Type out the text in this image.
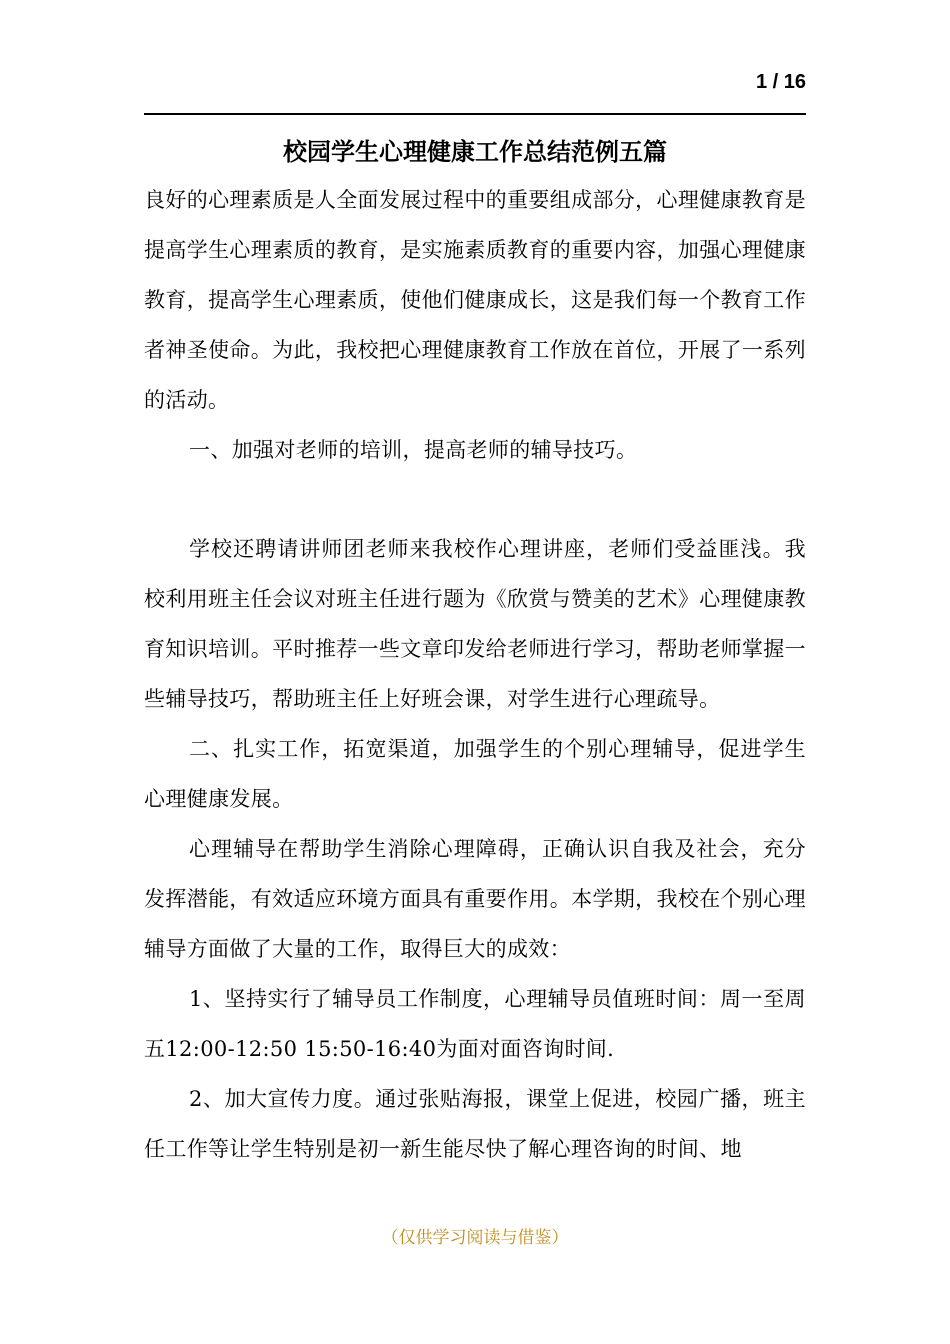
1 / 16
校园学生心理健康工作总结范例五篇

良好的心理素质是人全面发展过程中的重要组成部分，心理健康教育是提高学生心理素质的教育，是实施素质教育的重要内容，加强心理健康教育，提高学生心理素质，使他们健康成长，这是我们每一个教育工作者神圣使命。为此，我校把心理健康教育工作放在首位，开展了一系列的活动。

一、加强对老师的培训，提高老师的辅导技巧。

学校还聘请讲师团老师来我校作心理讲座，老师们受益匪浅。我校利用班主任会议对班主任进行题为《欣赏与赞美的艺术》心理健康教育知识培训。平时推荐一些文章印发给老师进行学习，帮助老师掌握一些辅导技巧，帮助班主任上好班会课，对学生进行心理疏导。

二、扎实工作，拓宽渠道，加强学生的个别心理辅导，促进学生心理健康发展。

心理辅导在帮助学生消除心理障碍，正确认识自我及社会，充分发挥潜能，有效适应环境方面具有重要作用。本学期，我校在个别心理辅导方面做了大量的工作，取得巨大的成效：

1、坚持实行了辅导员工作制度，心理辅导员值班时间：周一至周五12:00-12:50 15:50-16:40为面对面咨询时间.

2、加大宣传力度。通过张贴海报，课堂上促进，校园广播，班主任工作等让学生特别是初一新生能尽快了解心理咨询的时间、地

（仅供学习阅读与借鉴）
